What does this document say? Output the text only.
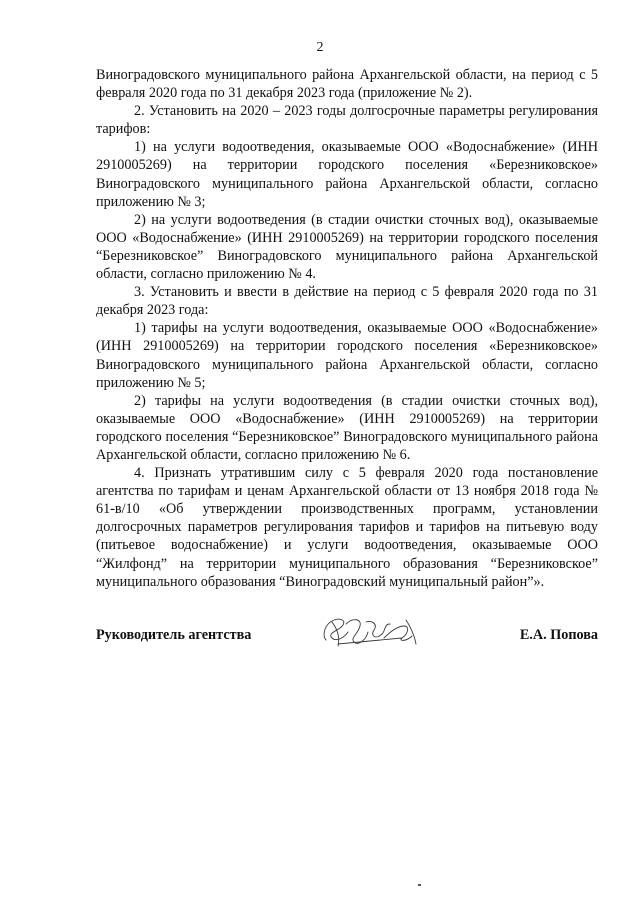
2

Виноградовского муниципального района Архангельской области, на период с 5 февраля 2020 года по 31 декабря 2023 года (приложение № 2).

2. Установить на 2020 – 2023 годы долгосрочные параметры регулирования тарифов:

1) на услуги водоотведения, оказываемые ООО «Водоснабжение» (ИНН 2910005269) на территории городского поселения «Березниковское» Виноградовского муниципального района Архангельской области, согласно приложению № 3;

2) на услуги водоотведения (в стадии очистки сточных вод), оказываемые ООО «Водоснабжение» (ИНН 2910005269) на территории городского поселения “Березниковское” Виноградовского муниципального района Архангельской области, согласно приложению № 4.

3. Установить и ввести в действие на период с 5 февраля 2020 года по 31 декабря 2023 года:

1) тарифы на услуги водоотведения, оказываемые ООО «Водоснабжение» (ИНН 2910005269) на территории городского поселения «Березниковское» Виноградовского муниципального района Архангельской области, согласно приложению № 5;

2) тарифы на услуги водоотведения (в стадии очистки сточных вод), оказываемые ООО «Водоснабжение» (ИНН 2910005269) на территории городского поселения “Березниковское” Виноградовского муниципального района Архангельской области, согласно приложению № 6.

4. Признать утратившим силу с 5 февраля 2020 года постановление агентства по тарифам и ценам Архангельской области от 13 ноября 2018 года № 61-в/10 «Об утверждении производственных программ, установлении долгосрочных параметров регулирования тарифов и тарифов на питьевую воду (питьевое водоснабжение) и услуги водоотведения, оказываемые ООО “Жилфонд” на территории муниципального образования “Березниковское” муниципального образования “Виноградовский муниципальный район”».

Руководитель агентства	Е.А. Попова
